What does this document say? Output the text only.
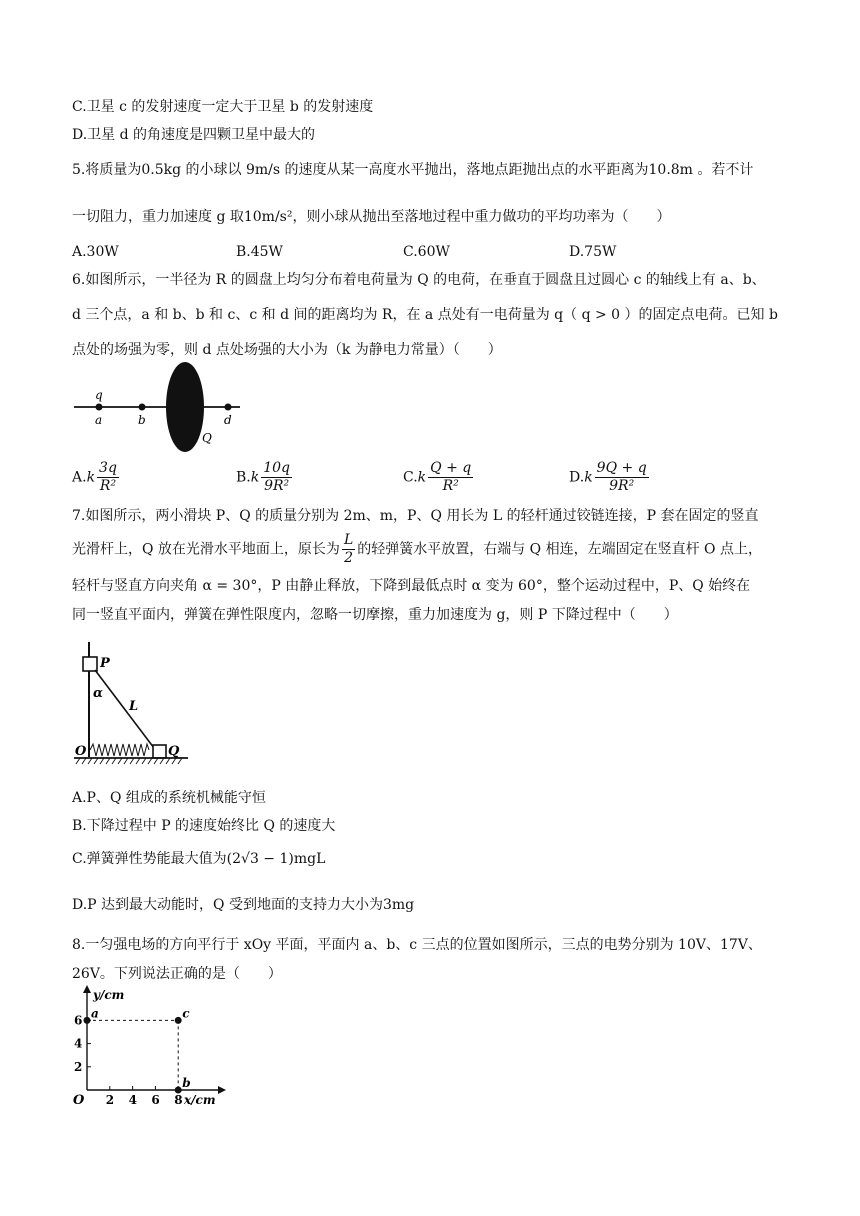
C.卫星 c 的发射速度一定大于卫星 b 的发射速度
D.卫星 d 的角速度是四颗卫星中最大的
5.将质量为0.5kg 的小球以 9m/s 的速度从某一高度水平抛出，落地点距抛出点的水平距离为10.8m 。若不计
一切阻力，重力加速度 g 取10m/s²，则小球从抛出至落地过程中重力做功的平均功率为（　　）
A.30W	B.45W	C.60W	D.75W
6.如图所示，一半径为 R 的圆盘上均匀分布着电荷量为 Q 的电荷，在垂直于圆盘且过圆心 c 的轴线上有 a、b、
d 三个点，a 和 b、b 和 c、c 和 d 间的距离均为 R，在 a 点处有一电荷量为 q（ q > 0 ）的固定点电荷。已知 b
点处的场强为零，则 d 点处场强的大小为（k 为静电力常量）（　　）
q
a	b	d
Q
$A.k \frac{3q}{\text{R²}}$	$B.k \frac{10q}{\text{9R²}}$	$C.k \frac{Q + q}{\text{R²}}$	$D.k \frac{9Q + q}{\text{9R²}}$
7.如图所示，两小滑块 P、Q 的质量分别为 2m、m，P、Q 用长为 L 的轻杆通过铰链连接，P 套在固定的竖直
光滑杆上，Q 放在光滑水平地面上，原长为 $\frac{L}{2}$ 的轻弹簧水平放置，右端与 Q 相连，左端固定在竖直杆 O 点上，
轻杆与竖直方向夹角 α = 30°，P 由静止释放，下降到最低点时 α 变为 60°，整个运动过程中，P、Q 始终在
同一竖直平面内，弹簧在弹性限度内，忽略一切摩擦，重力加速度为 g，则 P 下降过程中（　　）
P
α
L
O	Q
A.P、Q 组成的系统机械能守恒
B.下降过程中 P 的速度始终比 Q 的速度大
C.弹簧弹性势能最大值为(2√3 − 1)mgL
D.P 达到最大动能时，Q 受到地面的支持力大小为3mg
8.一匀强电场的方向平行于 xOy 平面，平面内 a、b、c 三点的位置如图所示，三点的电势分别为 10V、17V、
26V。下列说法正确的是（　　）
y/cm
x/cm
O 2 4 6 8
2
4
6 a	c
b
